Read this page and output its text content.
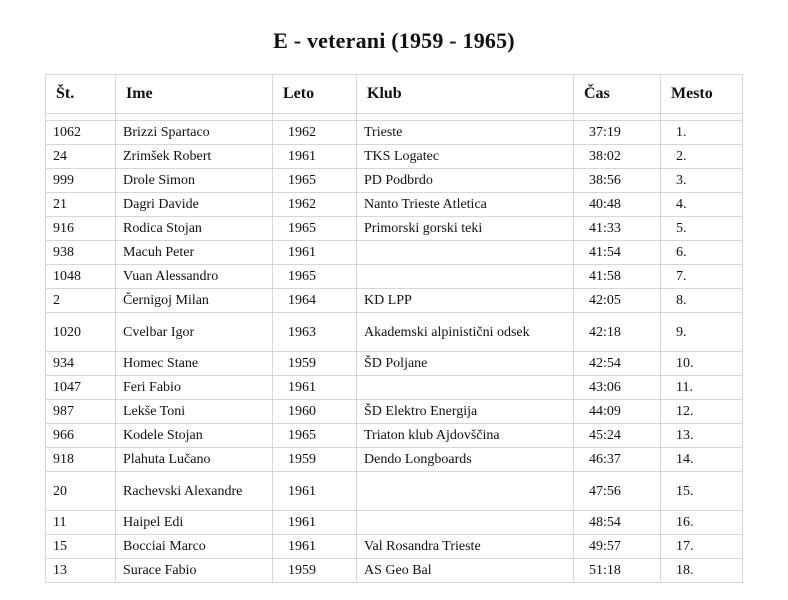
E - veterani (1959 - 1965)
Št.	Ime	Leto	Klub	Čas	Mesto

1062	Brizzi Spartaco	1962	Trieste	37:19	1.
24	Zrimšek Robert	1961	TKS Logatec	38:02	2.
999	Drole Simon	1965	PD Podbrdo	38:56	3.
21	Dagri Davide	1962	Nanto Trieste Atletica	40:48	4.
916	Rodica Stojan	1965	Primorski gorski teki	41:33	5.
938	Macuh Peter	1961		41:54	6.
1048	Vuan Alessandro	1965		41:58	7.
2	Černigoj Milan	1964	KD LPP	42:05	8.
1020	Cvelbar Igor	1963	Akademski alpinistični odsek	42:18	9.
934	Homec Stane	1959	ŠD Poljane	42:54	10.
1047	Feri Fabio	1961		43:06	11.
987	Lekše Toni	1960	ŠD Elektro Energija	44:09	12.
966	Kodele Stojan	1965	Triaton klub Ajdovščina	45:24	13.
918	Plahuta Lučano	1959	Dendo Longboards	46:37	14.
20	Rachevski Alexandre	1961		47:56	15.
11	Haipel Edi	1961		48:54	16.
15	Bocciai Marco	1961	Val Rosandra Trieste	49:57	17.
13	Surace Fabio	1959	AS Geo Bal	51:18	18.
